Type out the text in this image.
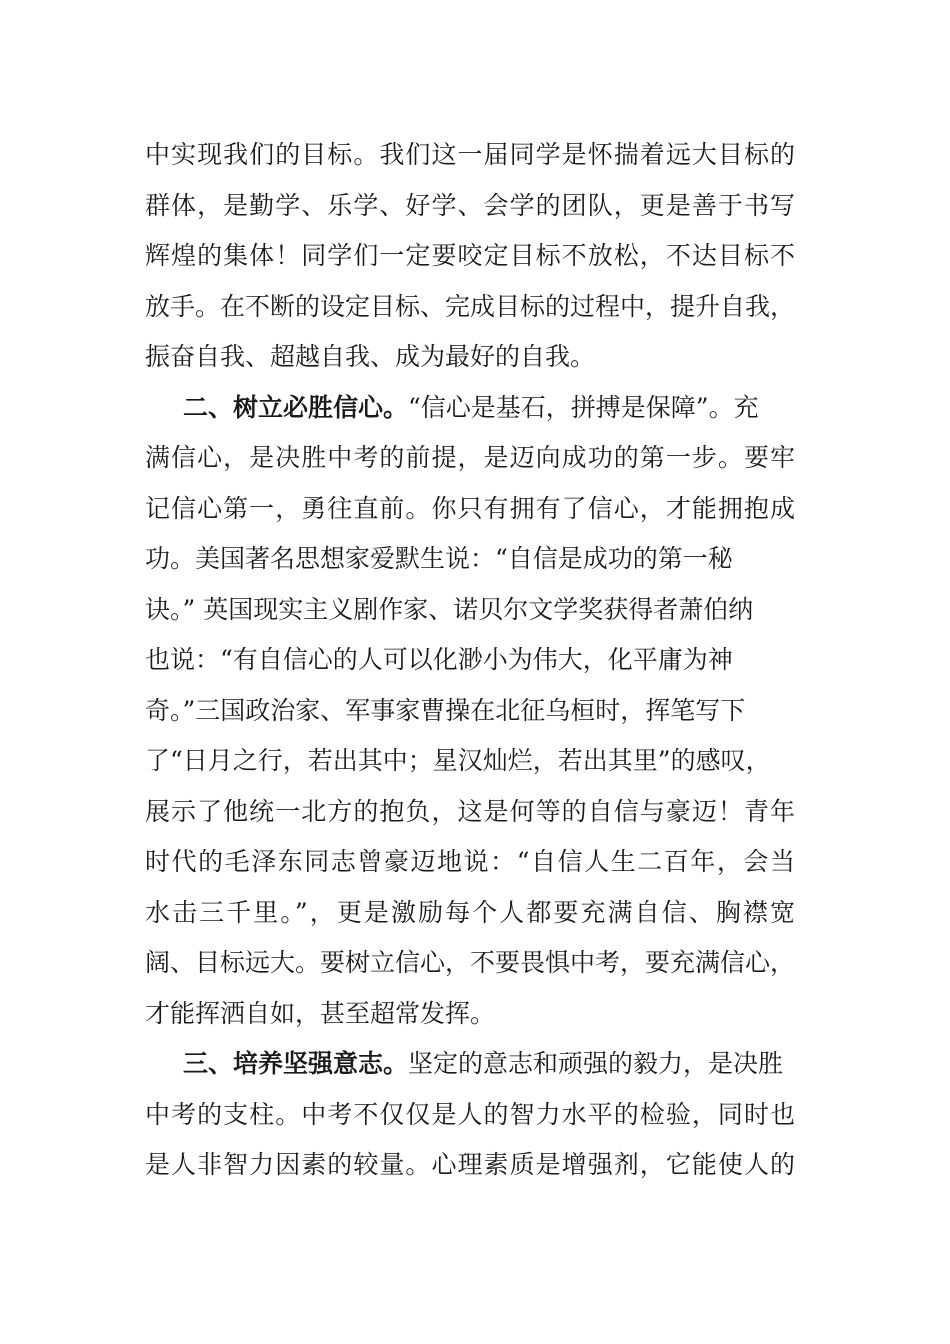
中实现我们的目标。我们这一届同学是怀揣着远大目标的
群体，是勤学、乐学、好学、会学的团队，更是善于书写
辉煌的集体！同学们一定要咬定目标不放松，不达目标不
放手。在不断的设定目标、完成目标的过程中，提升自我，
振奋自我、超越自我、成为最好的自我。
二、树立必胜信心。“信心是基石，拼搏是保障”。充
满信心，是决胜中考的前提，是迈向成功的第一步。要牢
记信心第一，勇往直前。你只有拥有了信心，才能拥抱成
功。美国著名思想家爱默生说：“自信是成功的第一秘
诀。” 英国现实主义剧作家、诺贝尔文学奖获得者萧伯纳
也说：“有自信心的人可以化渺小为伟大，化平庸为神
奇。”三国政治家、军事家曹操在北征乌桓时，挥笔写下
了“日月之行，若出其中；星汉灿烂，若出其里”的感叹，
展示了他统一北方的抱负，这是何等的自信与豪迈！青年
时代的毛泽东同志曾豪迈地说：“自信人生二百年，会当
水击三千里。”，更是激励每个人都要充满自信、胸襟宽
阔、目标远大。要树立信心，不要畏惧中考，要充满信心，
才能挥洒自如，甚至超常发挥。
三、培养坚强意志。坚定的意志和顽强的毅力，是决胜
中考的支柱。中考不仅仅是人的智力水平的检验，同时也
是人非智力因素的较量。心理素质是增强剂，它能使人的
